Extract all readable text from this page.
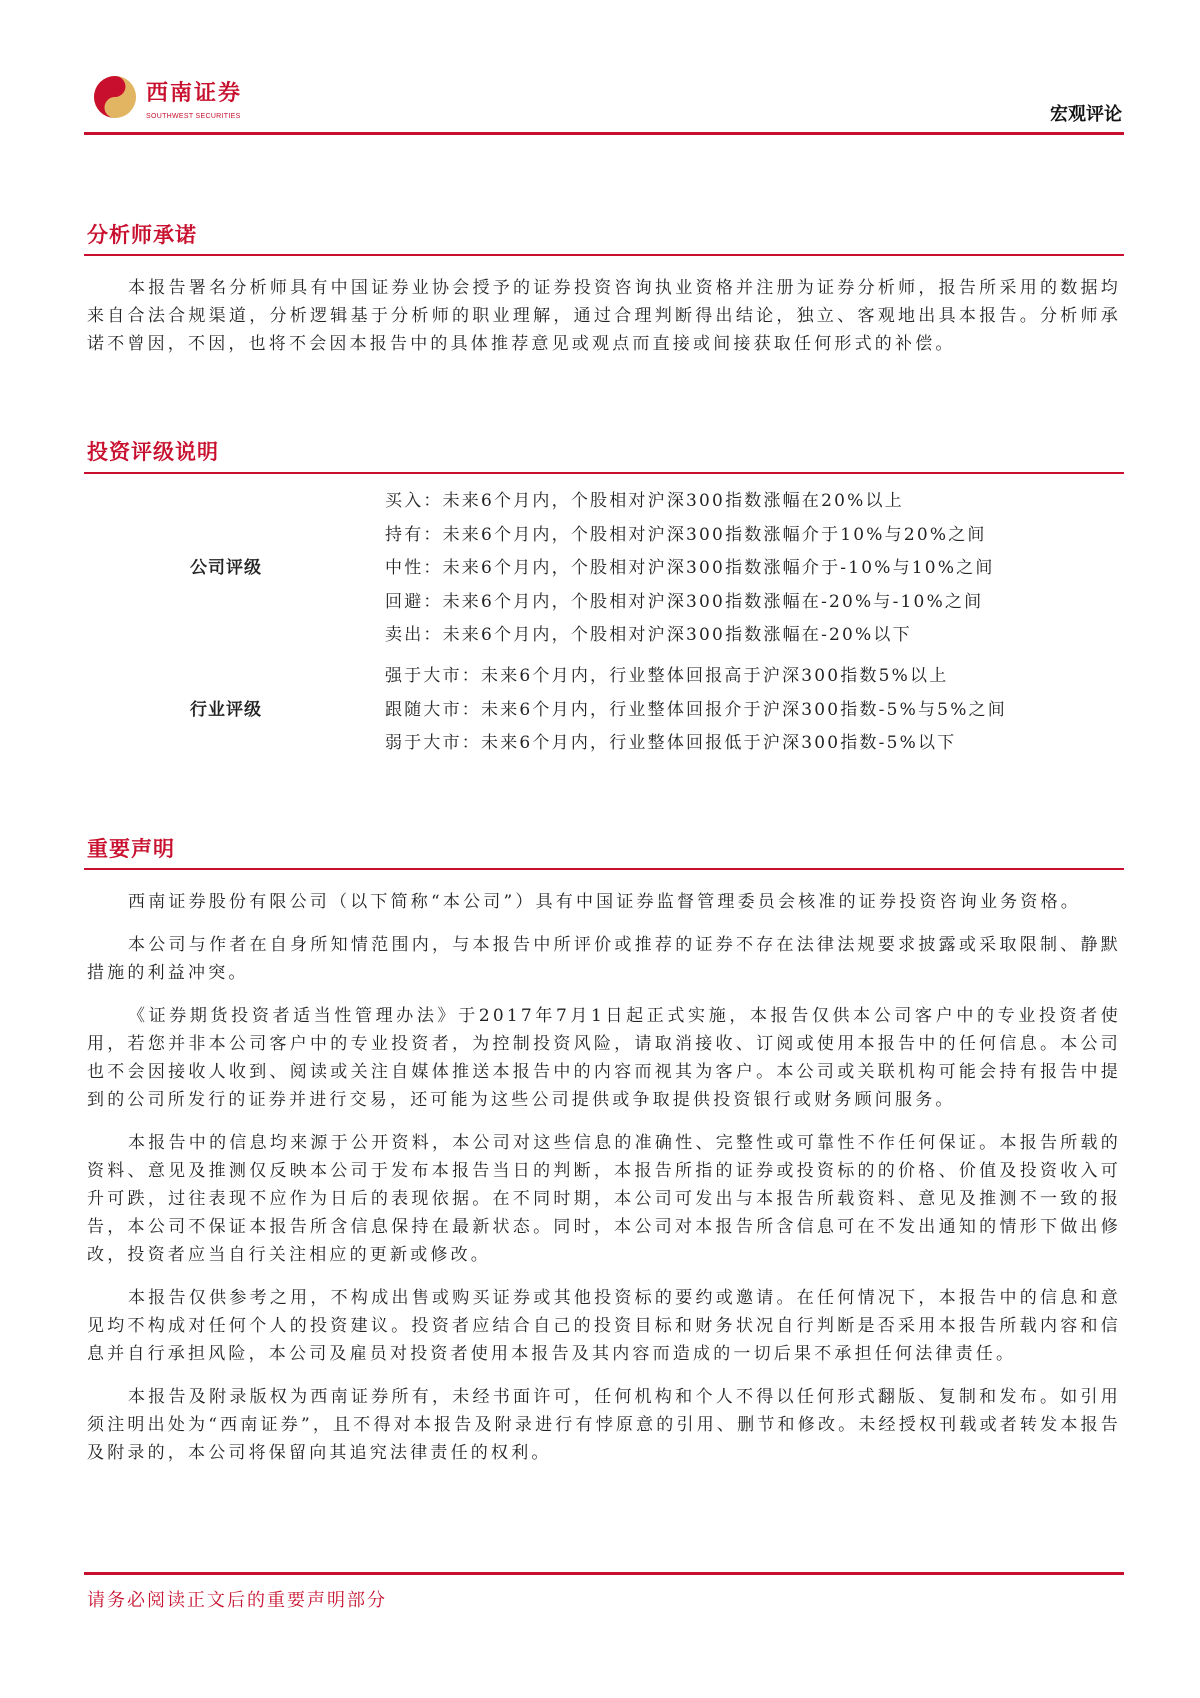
西南证券
SOUTHWEST SECURITIES	宏观评论
分析师承诺

本报告署名分析师具有中国证券业协会授予的证券投资咨询执业资格并注册为证券分析师，报告所采用的数据均来自合法合规渠道，分析逻辑基于分析师的职业理解，通过合理判断得出结论，独立、客观地出具本报告。分析师承诺不曾因，不因，也将不会因本报告中的具体推荐意见或观点而直接或间接获取任何形式的补偿。

投资评级说明
公司评级
买入：未来6个月内，个股相对沪深300指数涨幅在20%以上
持有：未来6个月内，个股相对沪深300指数涨幅介于10%与20%之间
中性：未来6个月内，个股相对沪深300指数涨幅介于-10%与10%之间
回避：未来6个月内，个股相对沪深300指数涨幅在-20%与-10%之间
卖出：未来6个月内，个股相对沪深300指数涨幅在-20%以下
行业评级
强于大市：未来6个月内，行业整体回报高于沪深300指数5%以上
跟随大市：未来6个月内，行业整体回报介于沪深300指数-5%与5%之间
弱于大市：未来6个月内，行业整体回报低于沪深300指数-5%以下
重要声明

西南证券股份有限公司（以下简称“本公司”）具有中国证券监督管理委员会核准的证券投资咨询业务资格。

本公司与作者在自身所知情范围内，与本报告中所评价或推荐的证券不存在法律法规要求披露或采取限制、静默措施的利益冲突。

《证券期货投资者适当性管理办法》于2017年7月1日起正式实施，本报告仅供本公司客户中的专业投资者使用，若您并非本公司客户中的专业投资者，为控制投资风险，请取消接收、订阅或使用本报告中的任何信息。本公司也不会因接收人收到、阅读或关注自媒体推送本报告中的内容而视其为客户。本公司或关联机构可能会持有报告中提到的公司所发行的证券并进行交易，还可能为这些公司提供或争取提供投资银行或财务顾问服务。

本报告中的信息均来源于公开资料，本公司对这些信息的准确性、完整性或可靠性不作任何保证。本报告所载的资料、意见及推测仅反映本公司于发布本报告当日的判断，本报告所指的证券或投资标的的价格、价值及投资收入可升可跌，过往表现不应作为日后的表现依据。在不同时期，本公司可发出与本报告所载资料、意见及推测不一致的报告，本公司不保证本报告所含信息保持在最新状态。同时，本公司对本报告所含信息可在不发出通知的情形下做出修改，投资者应当自行关注相应的更新或修改。

本报告仅供参考之用，不构成出售或购买证券或其他投资标的要约或邀请。在任何情况下，本报告中的信息和意见均不构成对任何个人的投资建议。投资者应结合自己的投资目标和财务状况自行判断是否采用本报告所载内容和信息并自行承担风险，本公司及雇员对投资者使用本报告及其内容而造成的一切后果不承担任何法律责任。

本报告及附录版权为西南证券所有，未经书面许可，任何机构和个人不得以任何形式翻版、复制和发布。如引用须注明出处为“西南证券”，且不得对本报告及附录进行有悖原意的引用、删节和修改。未经授权刊载或者转发本报告及附录的，本公司将保留向其追究法律责任的权利。

请务必阅读正文后的重要声明部分
